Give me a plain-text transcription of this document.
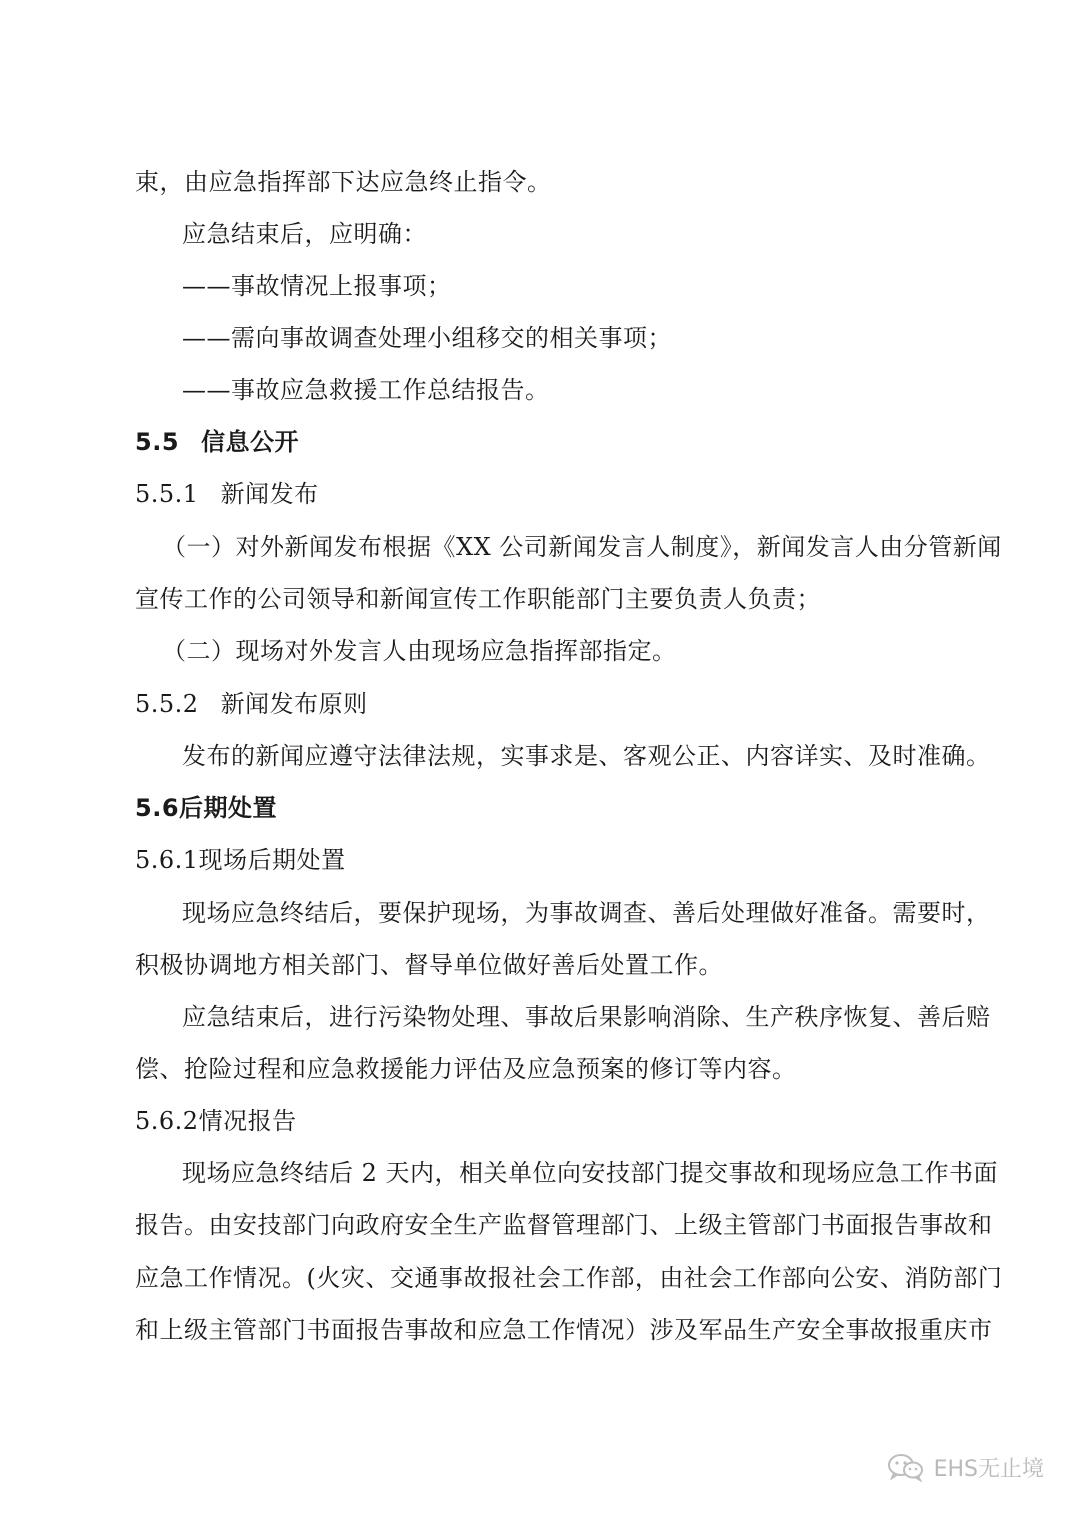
束，由应急指挥部下达应急终止指令。
应急结束后，应明确：
——事故情况上报事项；
——需向事故调查处理小组移交的相关事项；
——事故应急救援工作总结报告。
5.5 信息公开
5.5.1 新闻发布
（一）对外新闻发布根据《XX 公司新闻发言人制度》，新闻发言人由分管新闻
宣传工作的公司领导和新闻宣传工作职能部门主要负责人负责；
（二）现场对外发言人由现场应急指挥部指定。
5.5.2 新闻发布原则
发布的新闻应遵守法律法规，实事求是、客观公正、内容详实、及时准确。
5.6后期处置
5.6.1现场后期处置
现场应急终结后，要保护现场，为事故调查、善后处理做好准备。需要时，
积极协调地方相关部门、督导单位做好善后处置工作。
应急结束后，进行污染物处理、事故后果影响消除、生产秩序恢复、善后赔
偿、抢险过程和应急救援能力评估及应急预案的修订等内容。
5.6.2情况报告
现场应急终结后 2 天内，相关单位向安技部门提交事故和现场应急工作书面
报告。由安技部门向政府安全生产监督管理部门、上级主管部门书面报告事故和
应急工作情况。(火灾、交通事故报社会工作部，由社会工作部向公安、消防部门
和上级主管部门书面报告事故和应急工作情况）涉及军品生产安全事故报重庆市
EHS无止境
